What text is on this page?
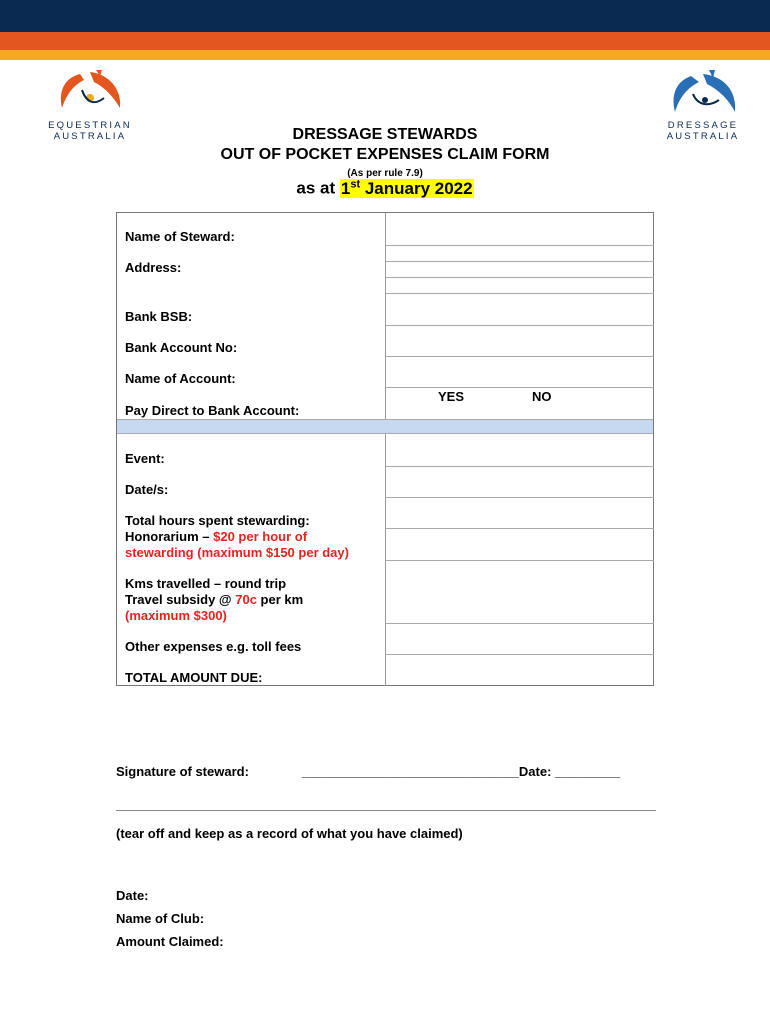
EQUESTRIAN
AUSTRALIA
DRESSAGE
AUSTRALIA
DRESSAGE STEWARDS
OUT OF POCKET EXPENSES CLAIM FORM
(As per rule 7.9)
as at 1st January 2022
Name of Steward:
Address:
Bank BSB:
Bank Account No:
Name of Account:
YES	NO
Pay Direct to Bank Account:
Event:
Date/s:
Total hours spent stewarding:
Honorarium – $20 per hour of
stewarding (maximum $150 per day)
Kms travelled – round trip
Travel subsidy @ 70c per km
(maximum $300)
Other expenses e.g. toll fees
TOTAL AMOUNT DUE:
Signature of steward:	______________________________Date: _________
(tear off and keep as a record of what you have claimed)
Date:
Name of Club:
Amount Claimed:
